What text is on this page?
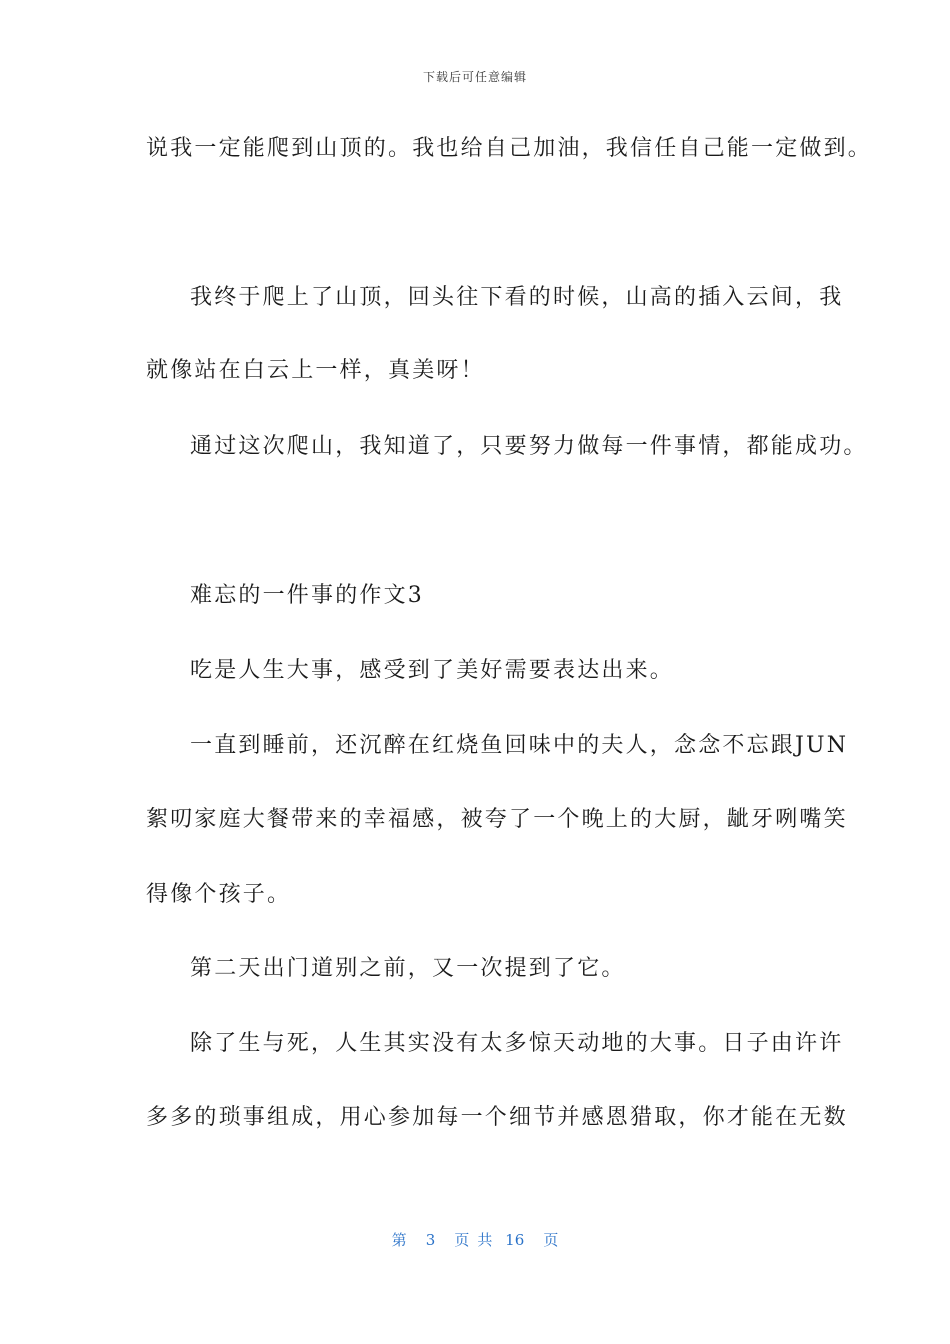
下载后可任意编辑
说我一定能爬到山顶的。我也给自己加油，我信任自己能一定做到。
我终于爬上了山顶，回头往下看的时候，山高的插入云间，我
就像站在白云上一样，真美呀！
通过这次爬山，我知道了，只要努力做每一件事情，都能成功。
难忘的一件事的作文3
吃是人生大事，感受到了美好需要表达出来。
一直到睡前，还沉醉在红烧鱼回味中的夫人，念念不忘跟JUN
絮叨家庭大餐带来的幸福感，被夸了一个晚上的大厨，龇牙咧嘴笑
得像个孩子。
第二天出门道别之前，又一次提到了它。
除了生与死，人生其实没有太多惊天动地的大事。日子由许许
多多的琐事组成，用心参加每一个细节并感恩猎取，你才能在无数
第 3 页共 16 页
